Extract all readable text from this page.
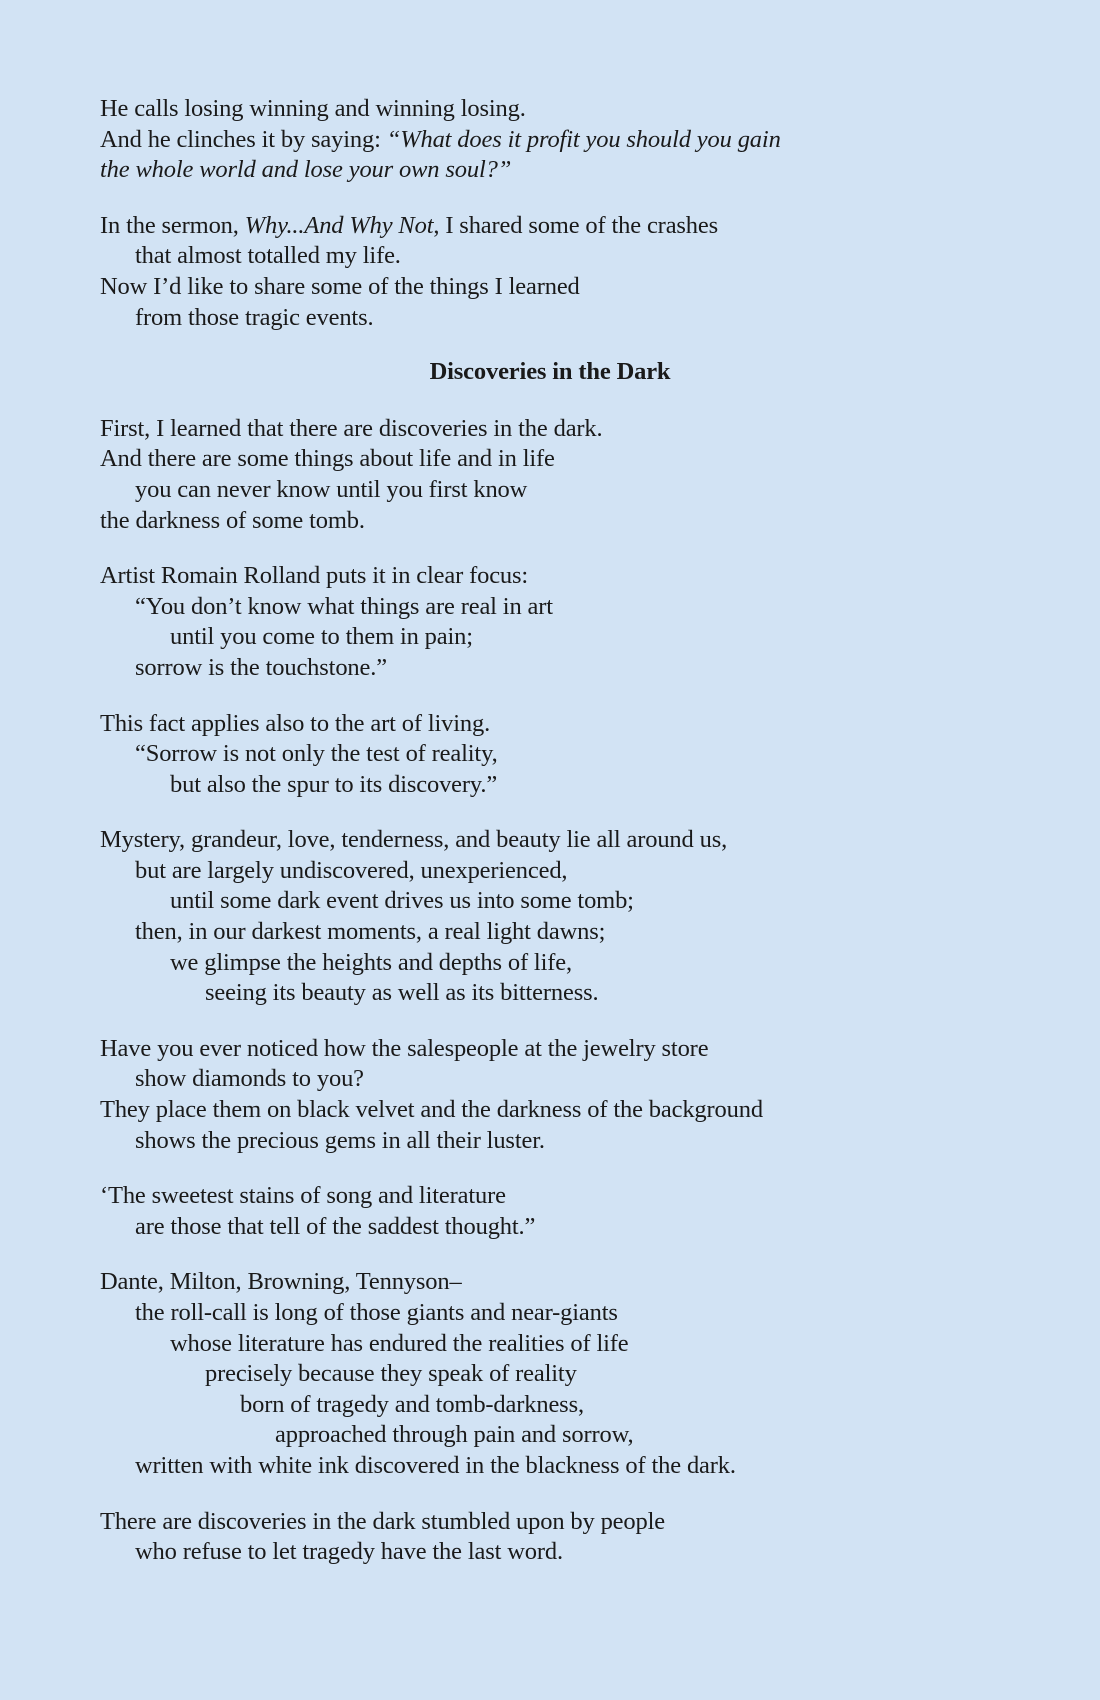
He calls losing winning and winning losing.
And he clinches it by saying: “What does it profit you should you gain
the whole world and lose your own soul?”
In the sermon, Why...And Why Not, I shared some of the crashes
that almost totalled my life.
Now I’d like to share some of the things I learned
from those tragic events.
Discoveries in the Dark
First, I learned that there are discoveries in the dark.
And there are some things about life and in life
you can never know until you first know
the darkness of some tomb.
Artist Romain Rolland puts it in clear focus:
“You don’t know what things are real in art
until you come to them in pain;
sorrow is the touchstone.”
This fact applies also to the art of living.
“Sorrow is not only the test of reality,
but also the spur to its discovery.”
Mystery, grandeur, love, tenderness, and beauty lie all around us,
but are largely undiscovered, unexperienced,
until some dark event drives us into some tomb;
then, in our darkest moments, a real light dawns;
we glimpse the heights and depths of life,
seeing its beauty as well as its bitterness.
Have you ever noticed how the salespeople at the jewelry store
show diamonds to you?
They place them on black velvet and the darkness of the background
shows the precious gems in all their luster.
‘The sweetest stains of song and literature
are those that tell of the saddest thought.”
Dante, Milton, Browning, Tennyson–
the roll-call is long of those giants and near-giants
whose literature has endured the realities of life
precisely because they speak of reality
born of tragedy and tomb-darkness,
approached through pain and sorrow,
written with white ink discovered in the blackness of the dark.
There are discoveries in the dark stumbled upon by people
who refuse to let tragedy have the last word.
